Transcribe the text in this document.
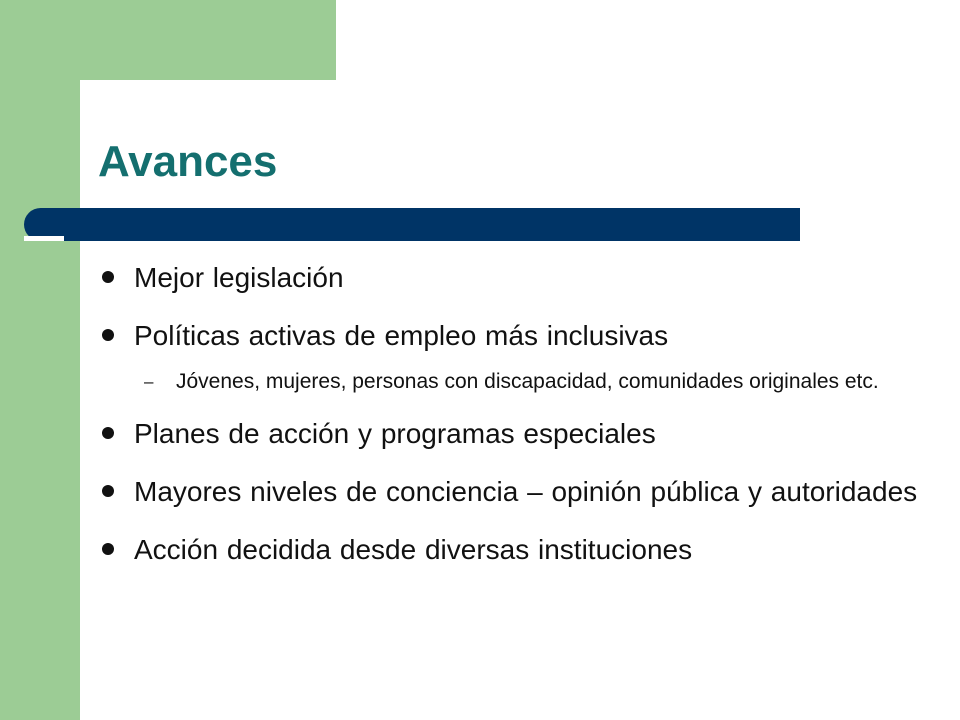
Avances
Mejor legislación
Políticas activas de empleo más inclusivas
– Jóvenes, mujeres, personas con discapacidad, comunidades originales etc.
Planes de acción y programas especiales
Mayores niveles de conciencia – opinión pública y autoridades
Acción decidida desde diversas instituciones
